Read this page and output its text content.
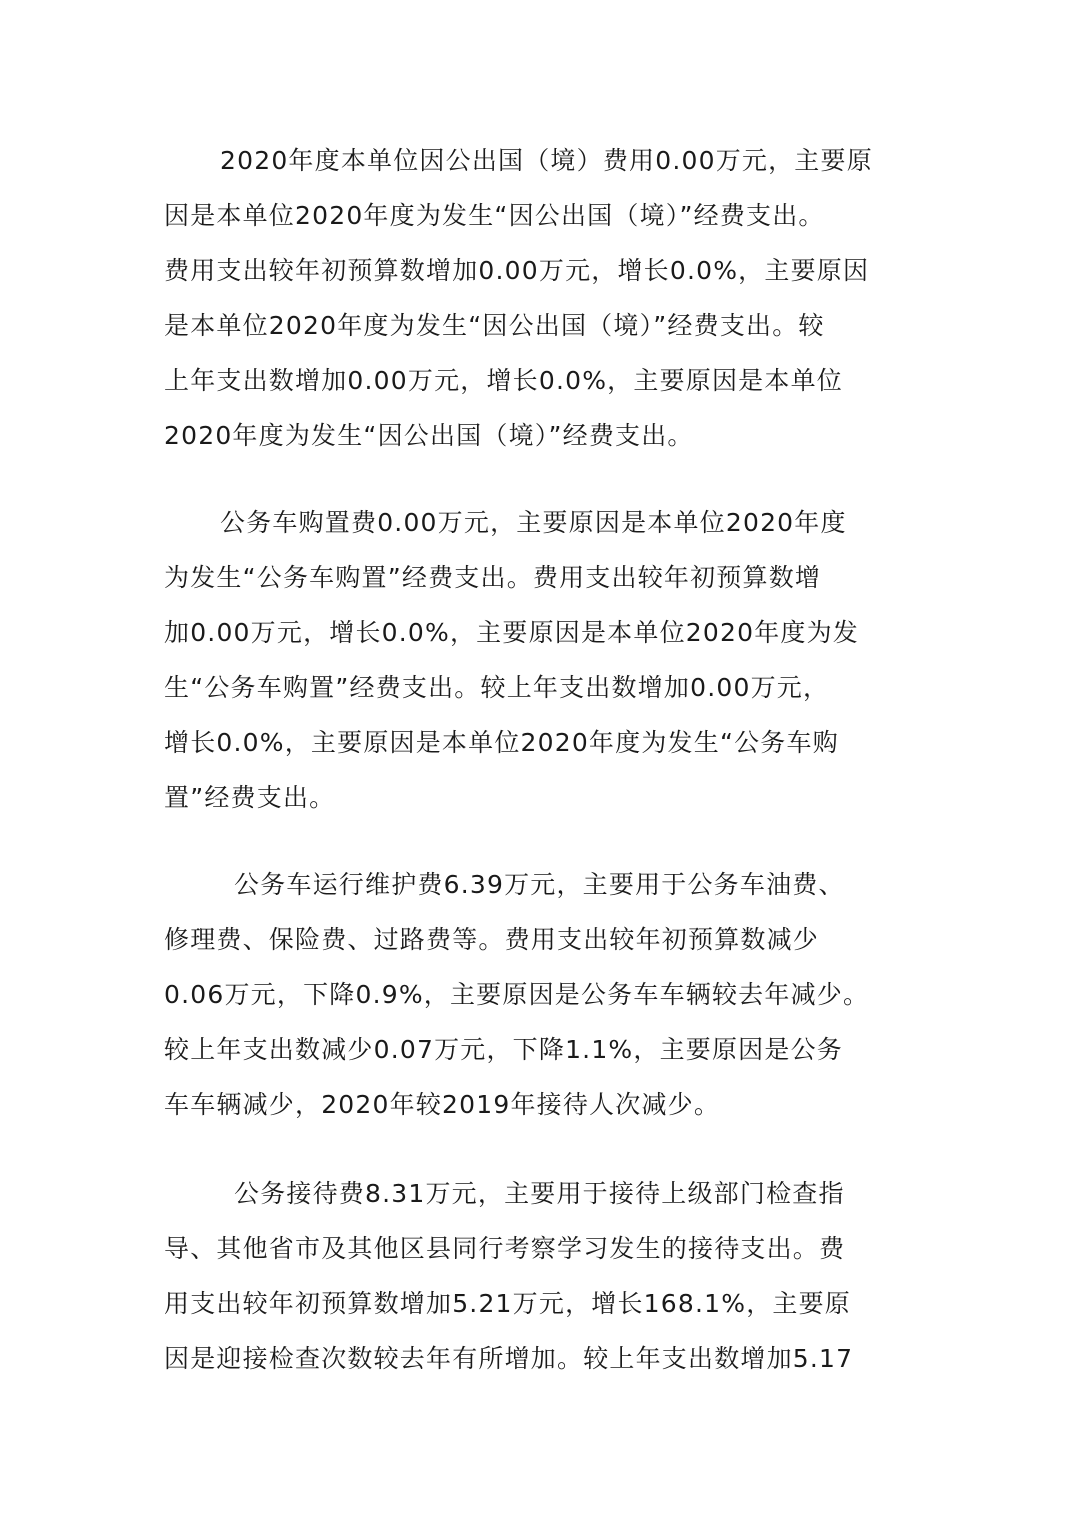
2020年度本单位因公出国（境）费用0.00万元，主要原
因是本单位2020年度为发生“因公出国（境）”经费支出。
费用支出较年初预算数增加0.00万元，增长0.0%，主要原因
是本单位2020年度为发生“因公出国（境）”经费支出。较
上年支出数增加0.00万元，增长0.0%，主要原因是本单位
2020年度为发生“因公出国（境）”经费支出。
公务车购置费0.00万元，主要原因是本单位2020年度
为发生“公务车购置”经费支出。费用支出较年初预算数增
加0.00万元，增长0.0%，主要原因是本单位2020年度为发
生“公务车购置”经费支出。较上年支出数增加0.00万元，
增长0.0%，主要原因是本单位2020年度为发生“公务车购
置”经费支出。
公务车运行维护费6.39万元，主要用于公务车油费、
修理费、保险费、过路费等。费用支出较年初预算数减少
0.06万元，下降0.9%，主要原因是公务车车辆较去年减少。
较上年支出数减少0.07万元，下降1.1%，主要原因是公务
车车辆减少，2020年较2019年接待人次减少。
公务接待费8.31万元，主要用于接待上级部门检查指
导、其他省市及其他区县同行考察学习发生的接待支出。费
用支出较年初预算数增加5.21万元，增长168.1%，主要原
因是迎接检查次数较去年有所增加。较上年支出数增加5.17
